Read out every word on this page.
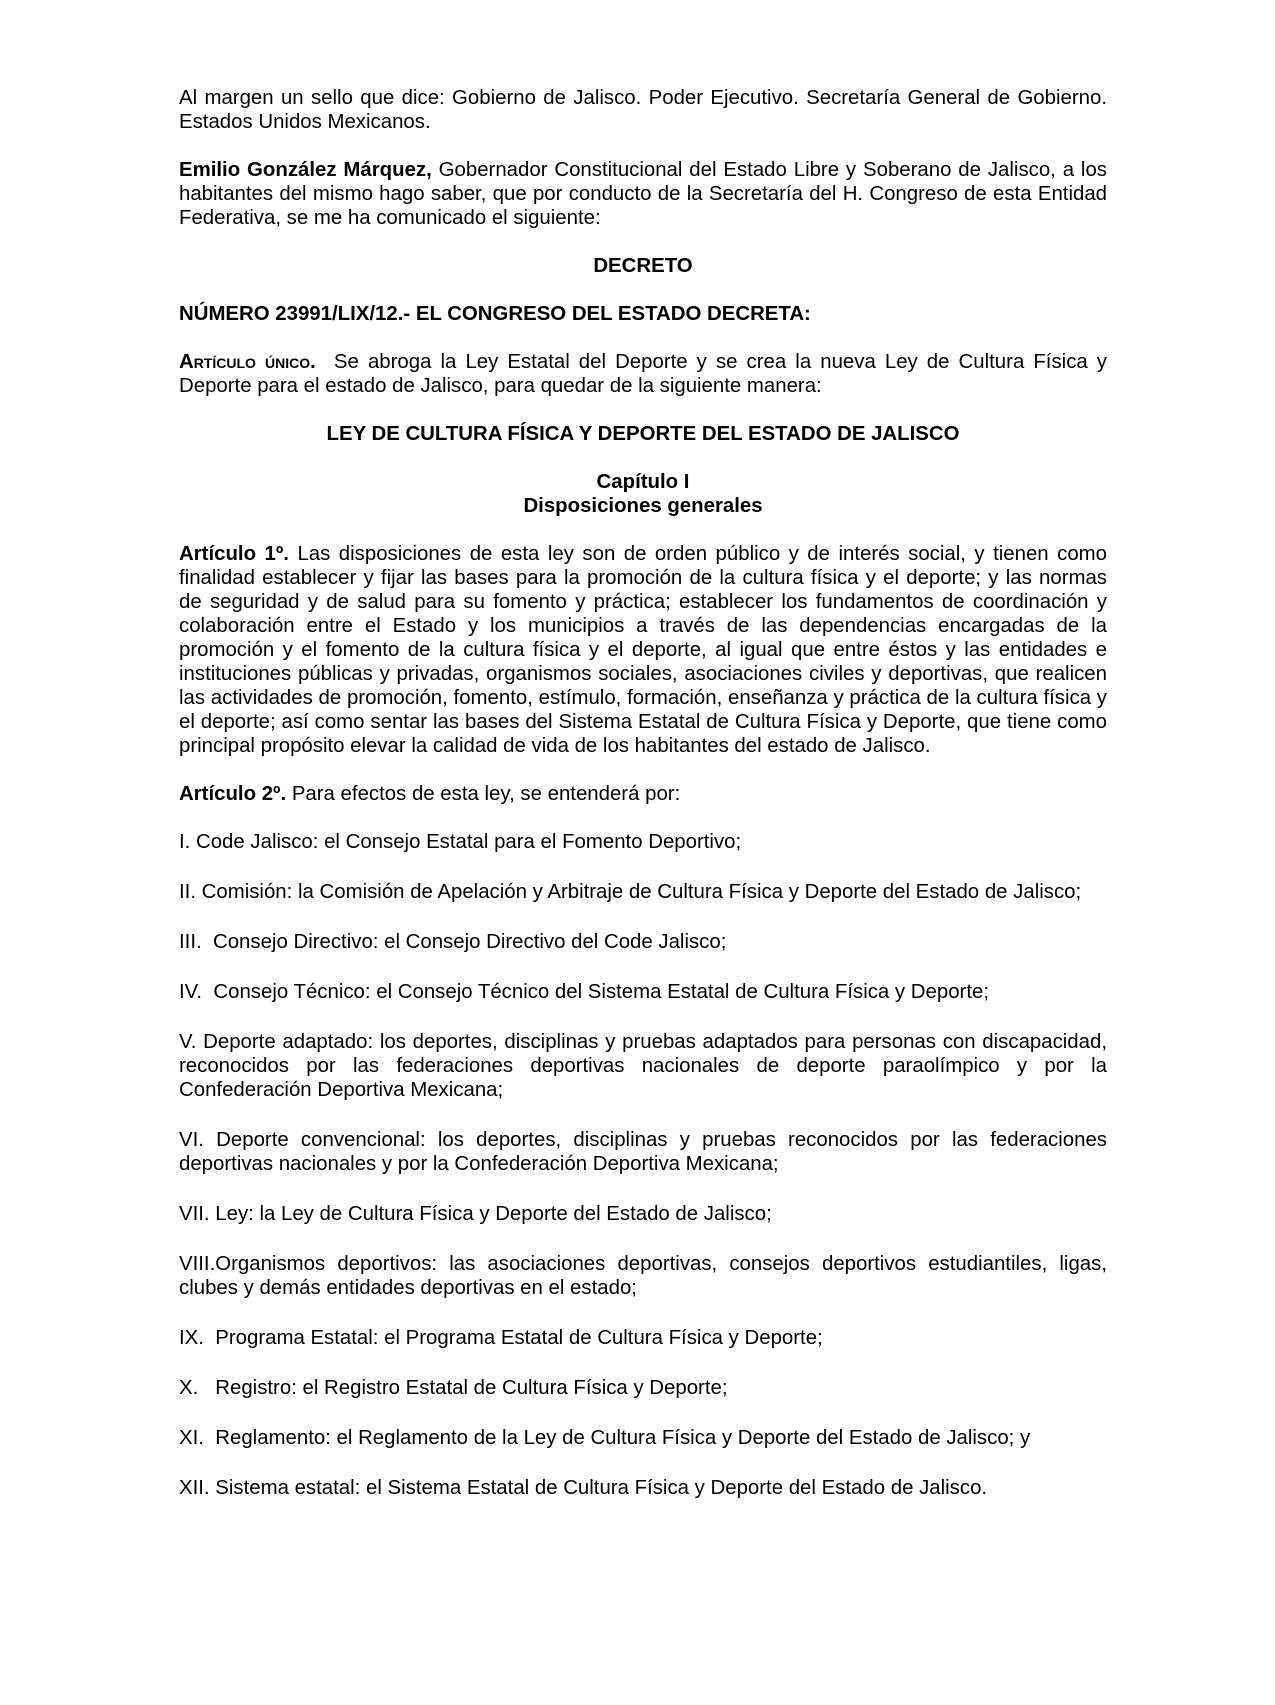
Al margen un sello que dice: Gobierno de Jalisco. Poder Ejecutivo. Secretaría General de Gobierno. Estados Unidos Mexicanos.

Emilio González Márquez, Gobernador Constitucional del Estado Libre y Soberano de Jalisco, a los habitantes del mismo hago saber, que por conducto de la Secretaría del H. Congreso de esta Entidad Federativa, se me ha comunicado el siguiente:

DECRETO

NÚMERO 23991/LIX/12.- EL CONGRESO DEL ESTADO DECRETA:

Artículo único.  Se abroga la Ley Estatal del Deporte y se crea la nueva Ley de Cultura Física y Deporte para el estado de Jalisco, para quedar de la siguiente manera:

LEY DE CULTURA FÍSICA Y DEPORTE DEL ESTADO DE JALISCO

Capítulo I
Disposiciones generales

Artículo 1º. Las disposiciones de esta ley son de orden público y de interés social, y tienen como finalidad establecer y fijar las bases para la promoción de la cultura física y el deporte; y las normas de seguridad y de salud para su fomento y práctica; establecer los fundamentos de coordinación y colaboración entre el Estado y los municipios a través de las dependencias encargadas de la promoción y el fomento de la cultura física y el deporte, al igual que entre éstos y las entidades e instituciones públicas y privadas, organismos sociales, asociaciones civiles y deportivas, que realicen las actividades de promoción, fomento, estímulo, formación, enseñanza y práctica de la cultura física y el deporte; así como sentar las bases del Sistema Estatal de Cultura Física y Deporte, que tiene como principal propósito elevar la calidad de vida de los habitantes del estado de Jalisco.

Artículo 2º. Para efectos de esta ley, se entenderá por:

I. Code Jalisco: el Consejo Estatal para el Fomento Deportivo;

II. Comisión: la Comisión de Apelación y Arbitraje de Cultura Física y Deporte del Estado de Jalisco;

III.  Consejo Directivo: el Consejo Directivo del Code Jalisco;

IV.  Consejo Técnico: el Consejo Técnico del Sistema Estatal de Cultura Física y Deporte;

V. Deporte adaptado: los deportes, disciplinas y pruebas adaptados para personas con discapacidad, reconocidos por las federaciones deportivas nacionales de deporte paraolímpico y por la Confederación Deportiva Mexicana;

VI. Deporte convencional: los deportes, disciplinas y pruebas reconocidos por las federaciones deportivas nacionales y por la Confederación Deportiva Mexicana;

VII. Ley: la Ley de Cultura Física y Deporte del Estado de Jalisco;

VIII.Organismos deportivos: las asociaciones deportivas, consejos deportivos estudiantiles, ligas, clubes y demás entidades deportivas en el estado;

IX.  Programa Estatal: el Programa Estatal de Cultura Física y Deporte;

X.   Registro: el Registro Estatal de Cultura Física y Deporte;

XI.  Reglamento: el Reglamento de la Ley de Cultura Física y Deporte del Estado de Jalisco; y

XII. Sistema estatal: el Sistema Estatal de Cultura Física y Deporte del Estado de Jalisco.
